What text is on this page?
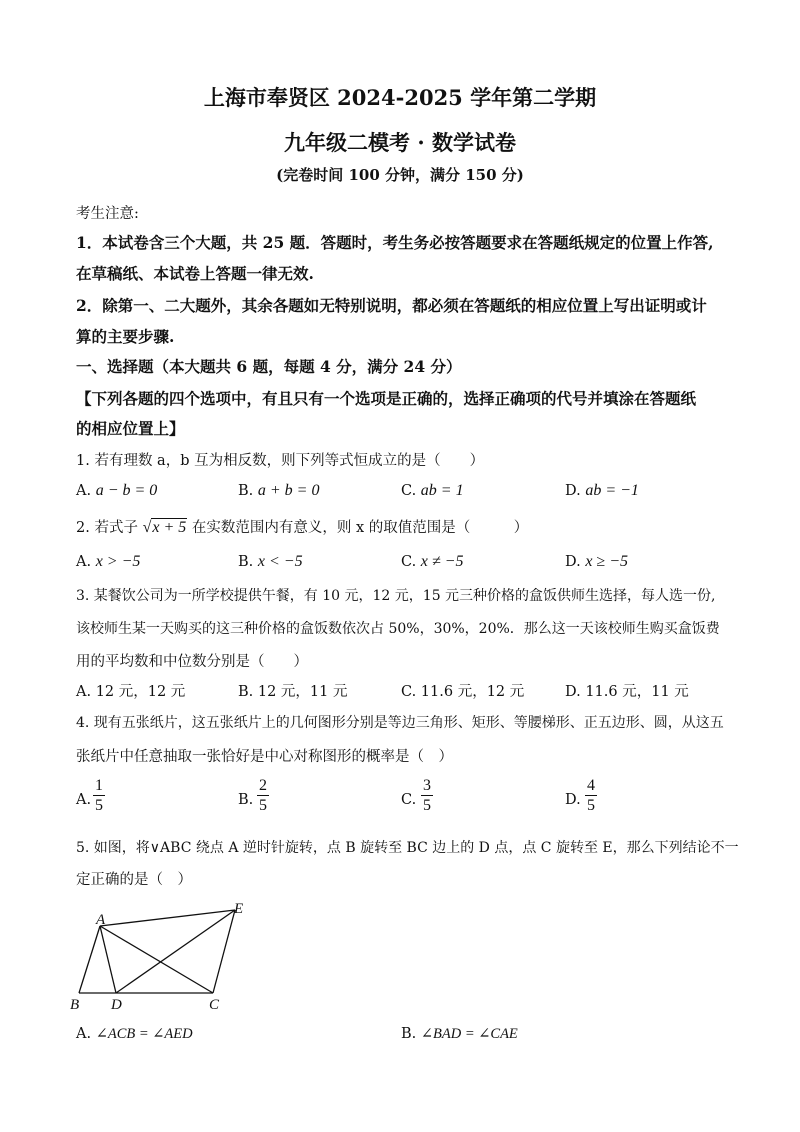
上海市奉贤区 2024-2025 学年第二学期
九年级二模考 · 数学试卷
(完卷时间 100 分钟，满分 150 分)
考生注意:
1．本试卷含三个大题，共 25 题．答题时，考生务必按答题要求在答题纸规定的位置上作答,
在草稿纸、本试卷上答题一律无效.
2．除第一、二大题外，其余各题如无特别说明，都必须在答题纸的相应位置上写出证明或计
算的主要步骤.
一、选择题（本大题共 6 题，每题 4 分，满分 24 分）
【下列各题的四个选项中，有且只有一个选项是正确的，选择正确项的代号并填涂在答题纸
的相应位置上】
1. 若有理数 a，b 互为相反数，则下列等式恒成立的是（　　）
A. a − b = 0	B. a + b = 0	C. ab = 1	D. ab = −1
2. 若式子 √x + 5 在实数范围内有意义，则 x 的取值范围是（　　　）
A. x > −5	B. x < −5	C. x ≠ −5	D. x ≥ −5
3. 某餐饮公司为一所学校提供午餐，有 10 元，12 元，15 元三种价格的盒饭供师生选择，每人选一份,
该校师生某一天购买的这三种价格的盒饭数依次占 50%，30%，20%．那么这一天该校师生购买盒饭费
用的平均数和中位数分别是（　　）
A. 12 元，12 元	B. 12 元，11 元	C. 11.6 元，12 元	D. 11.6 元，11 元
4. 现有五张纸片，这五张纸片上的几何图形分别是等边三角形、矩形、等腰梯形、正五边形、圆，从这五
张纸片中任意抽取一张恰好是中心对称图形的概率是（　）
A. $\frac{1}{5}$	B. $\frac{2}{5}$	C. $\frac{3}{5}$	D. $\frac{4}{5}$
5. 如图，将∨ABC 绕点 A 逆时针旋转，点 B 旋转至 BC 边上的 D 点，点 C 旋转至 E，那么下列结论不一
定正确的是（　）
A
B D	C
E
A. ∠ACB = ∠AED	B. ∠BAD = ∠CAE
